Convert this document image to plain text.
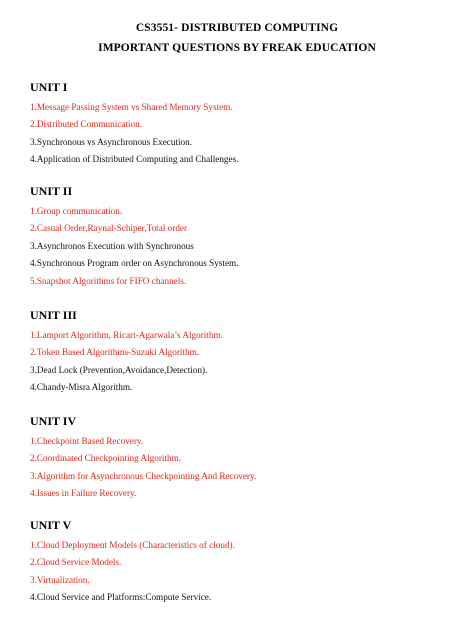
CS3551- DISTRIBUTED COMPUTING
IMPORTANT QUESTIONS BY FREAK EDUCATION
UNIT I
1.Message Passing System vs Shared Memory System.
2.Distributed Communication.
3.Synchronous vs Asynchronous Execution.
4.Application of Distributed Computing and Challenges.
UNIT II
1.Group communication.
2.Casual Order,Raynal-Schiper,Total order
3.Asynchronos Execution with Synchronous
4.Synchronous Program order on Asynchronous System.
5.Snapshot Algorithms for FIFO channels.
UNIT III
1.Lamport Algorithm, Ricart-Agarwala’s Algorithm.
2.Token Based Algorithms-Suzuki Algorithm.
3.Dead Lock (Prevention,Avoidance,Detection).
4.Chandy-Misra Algorithm.
UNIT IV
1.Checkpoint Based Recovery.
2.Coordinated Checkpointing Algorithm.
3.Algorithm for Asynchronous Checkpointing And Recovery.
4.Issues in Failure Recovery.
UNIT V
1.Cloud Deployment Models (Characteristics of cloud).
2.Cloud Service Models.
3.Virtualization.
4.Cloud Service and Platforms:Compute Service.
